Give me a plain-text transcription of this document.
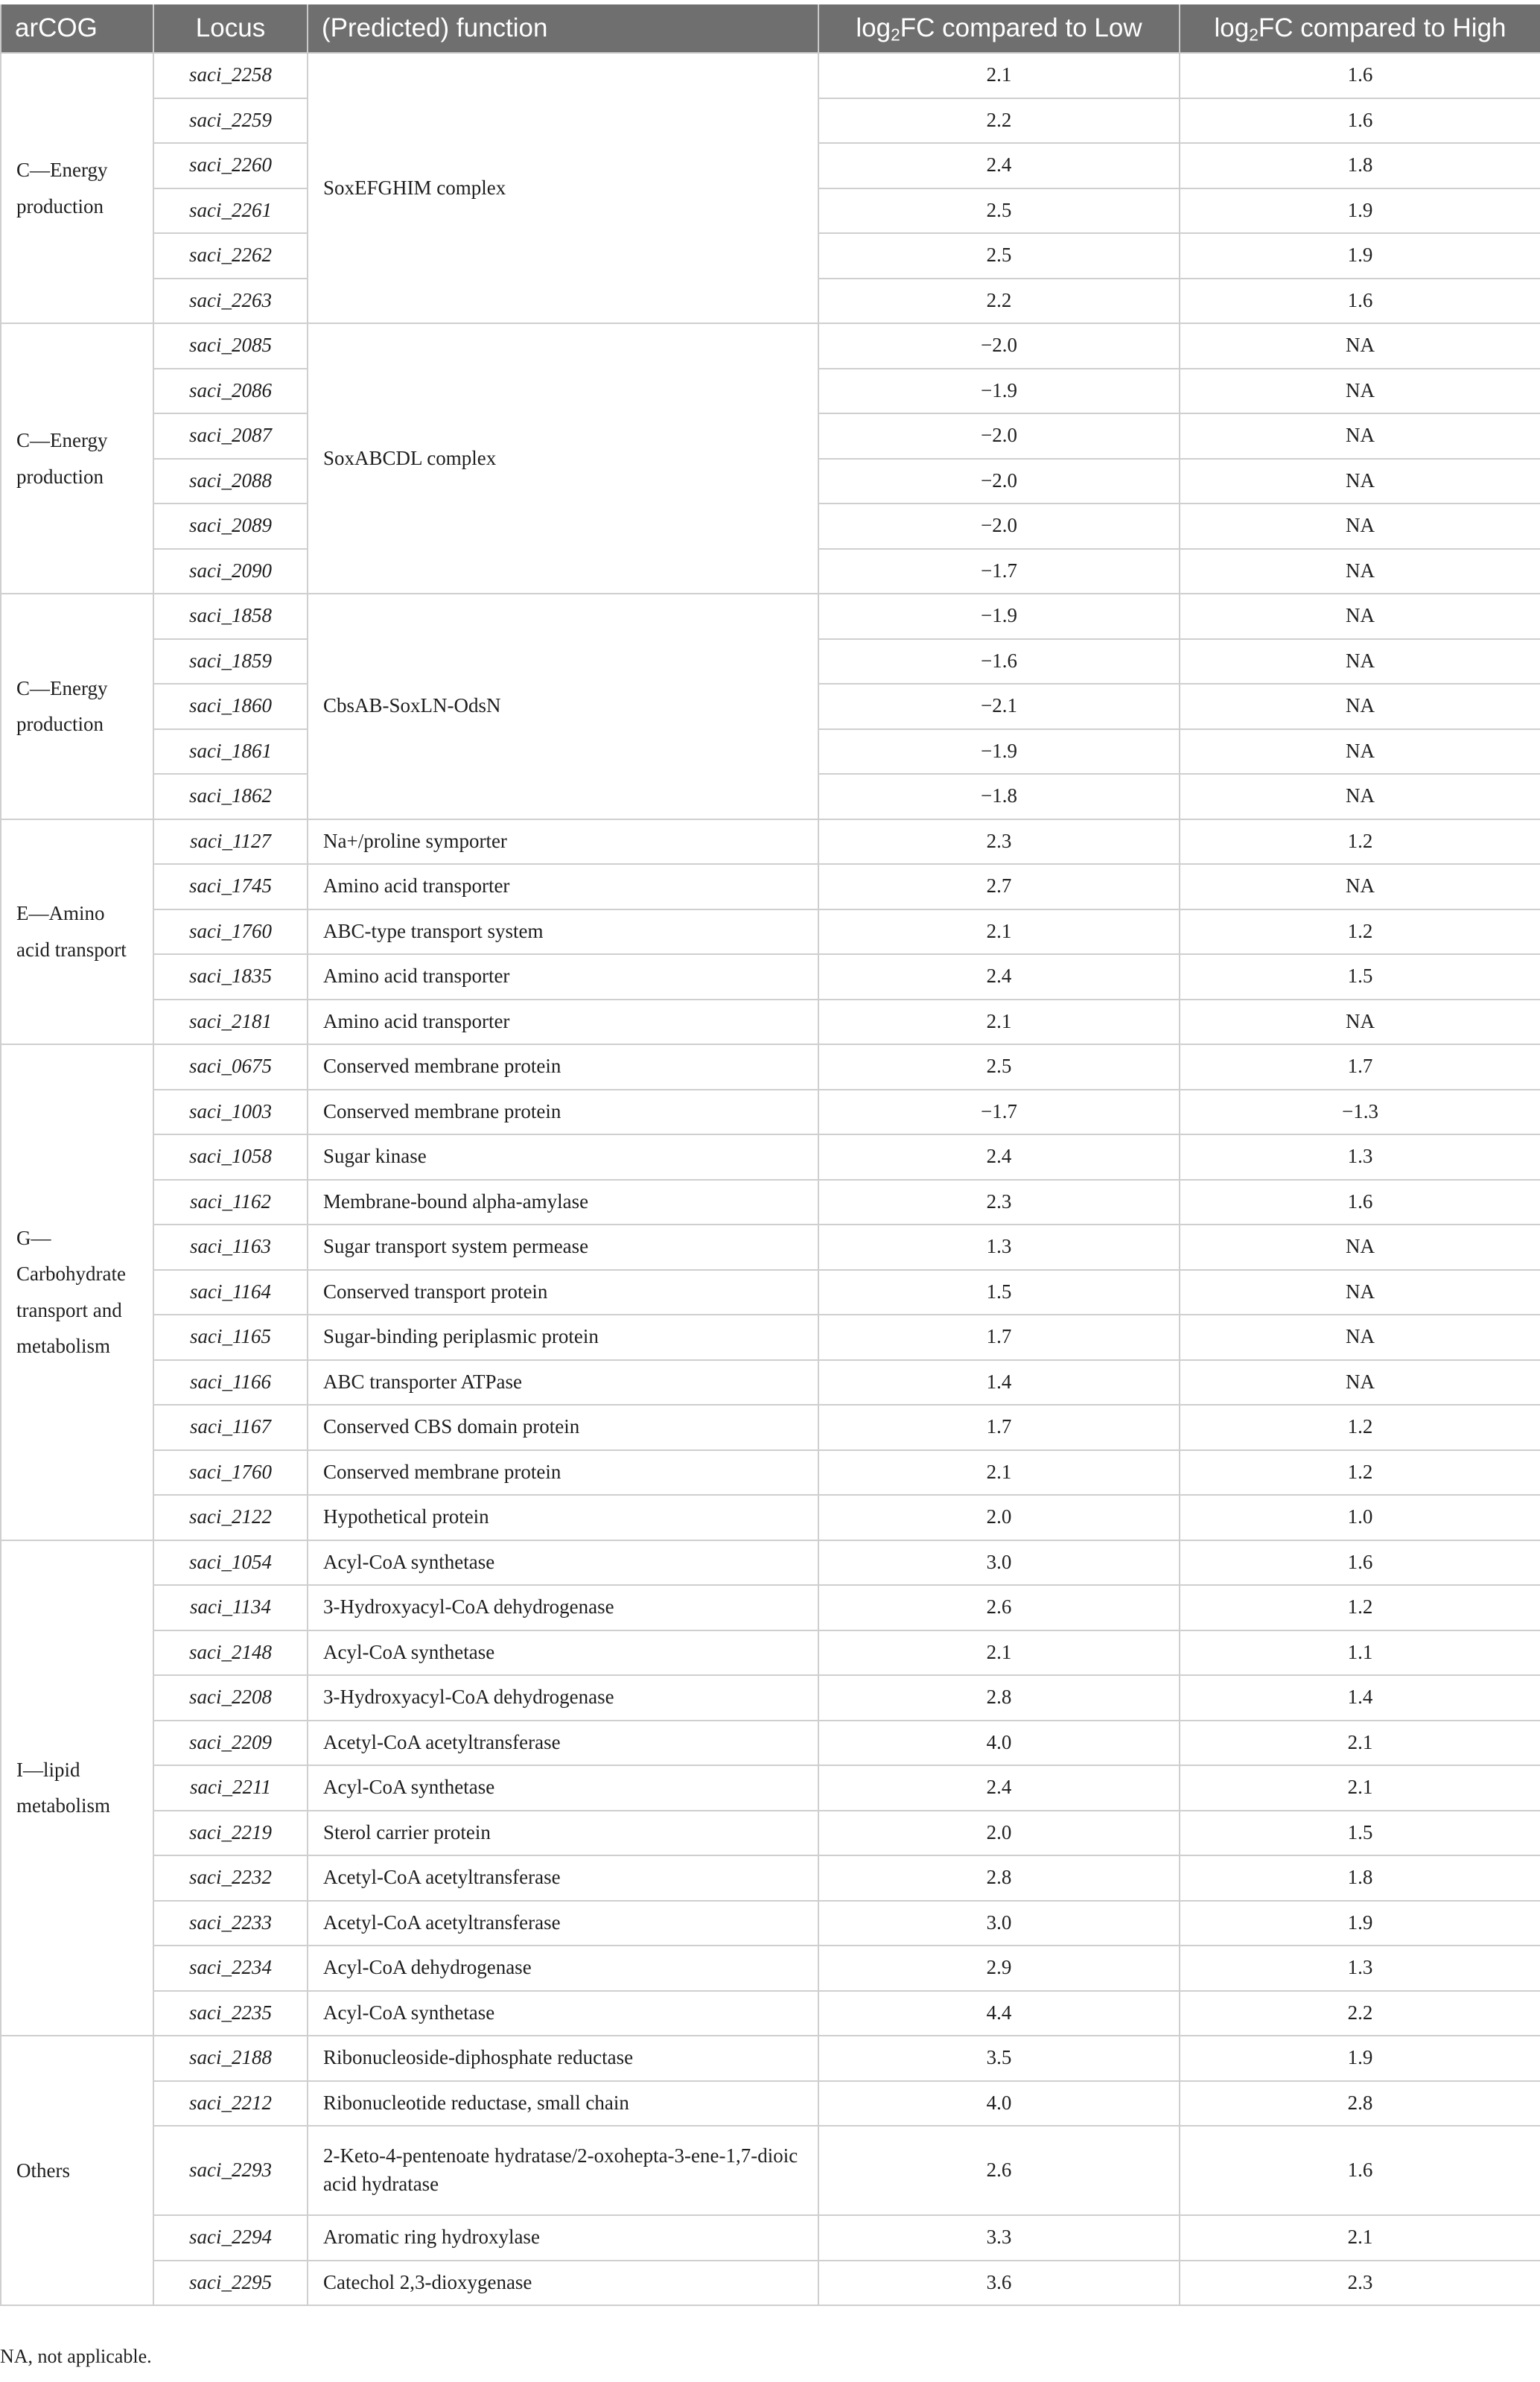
arCOG	Locus	(Predicted) function	$\log_2FC$ compared to Low	$\log_2FC$ compared to High
C—Energy production	saci_2258	SoxEFGHIM complex	2.1	1.6
	saci_2259		2.2	1.6
	saci_2260		2.4	1.8
	saci_2261		2.5	1.9
	saci_2262		2.5	1.9
	saci_2263		2.2	1.6
C—Energy production	saci_2085	SoxABCDL complex	−2.0	NA
	saci_2086		−1.9	NA
	saci_2087		−2.0	NA
	saci_2088		−2.0	NA
	saci_2089		−2.0	NA
	saci_2090		−1.7	NA
C—Energy production	saci_1858	CbsAB-SoxLN-OdsN	−1.9	NA
	saci_1859		−1.6	NA
	saci_1860		−2.1	NA
	saci_1861		−1.9	NA
	saci_1862		−1.8	NA
E—Amino acid transport	saci_1127	Na+/proline symporter	2.3	1.2
	saci_1745	Amino acid transporter	2.7	NA
	saci_1760	ABC-type transport system	2.1	1.2
	saci_1835	Amino acid transporter	2.4	1.5
	saci_2181	Amino acid transporter	2.1	NA
G—Carbohydrate transport and metabolism	saci_0675	Conserved membrane protein	2.5	1.7
	saci_1003	Conserved membrane protein	−1.7	−1.3
	saci_1058	Sugar kinase	2.4	1.3
	saci_1162	Membrane-bound alpha-amylase	2.3	1.6
	saci_1163	Sugar transport system permease	1.3	NA
	saci_1164	Conserved transport protein	1.5	NA
	saci_1165	Sugar-binding periplasmic protein	1.7	NA
	saci_1166	ABC transporter ATPase	1.4	NA
	saci_1167	Conserved CBS domain protein	1.7	1.2
	saci_1760	Conserved membrane protein	2.1	1.2
	saci_2122	Hypothetical protein	2.0	1.0
I—lipid metabolism	saci_1054	Acyl-CoA synthetase	3.0	1.6
	saci_1134	3-Hydroxyacyl-CoA dehydrogenase	2.6	1.2
	saci_2148	Acyl-CoA synthetase	2.1	1.1
	saci_2208	3-Hydroxyacyl-CoA dehydrogenase	2.8	1.4
	saci_2209	Acetyl-CoA acetyltransferase	4.0	2.1
	saci_2211	Acyl-CoA synthetase	2.4	2.1
	saci_2219	Sterol carrier protein	2.0	1.5
	saci_2232	Acetyl-CoA acetyltransferase	2.8	1.8
	saci_2233	Acetyl-CoA acetyltransferase	3.0	1.9
	saci_2234	Acyl-CoA dehydrogenase	2.9	1.3
	saci_2235	Acyl-CoA synthetase	4.4	2.2
Others	saci_2188	Ribonucleoside-diphosphate reductase	3.5	1.9
	saci_2212	Ribonucleotide reductase, small chain	4.0	2.8
	saci_2293	2-Keto-4-pentenoate hydratase/2-oxohepta-3-ene-1,7-dioic acid hydratase	2.6	1.6
	saci_2294	Aromatic ring hydroxylase	3.3	2.1
	saci_2295	Catechol 2,3-dioxygenase	3.6	2.3
NA, not applicable.
